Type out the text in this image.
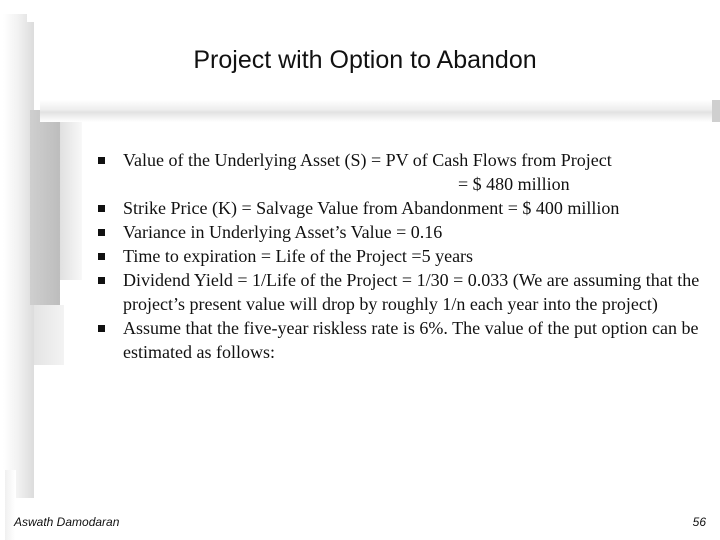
Project with Option to Abandon
Value of the Underlying Asset (S) = PV of Cash Flows from Project
= $ 480 million
Strike Price (K) = Salvage Value from Abandonment = $ 400 million
Variance in Underlying Asset’s Value = 0.16
Time to expiration = Life of the Project =5 years
Dividend Yield = 1/Life of the Project = 1/30 = 0.033 (We are assuming that the project’s present value will drop by roughly 1/n each year into the project)
Assume that the five-year riskless rate is 6%. The value of the put option can be estimated as follows:
Aswath Damodaran	56
